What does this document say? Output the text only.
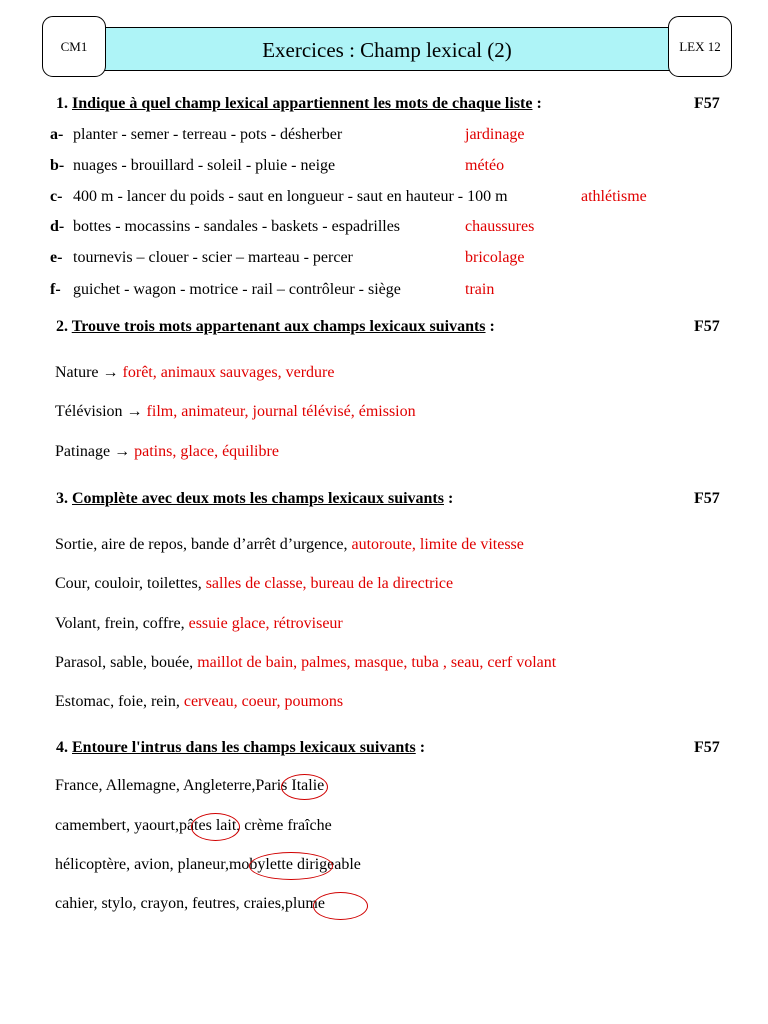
Exercices : Champ lexical (2)
CM1	LEX 12
1. Indique à quel champ lexical appartiennent les mots de chaque liste :	F57
a- planter - semer - terreau - pots - désherber	jardinage
b- nuages - brouillard - soleil - pluie - neige	météo
c- 400 m - lancer du poids - saut en longueur - saut en hauteur - 100 m	athlétisme
d- bottes - mocassins - sandales - baskets - espadrilles	chaussures
e- tournevis – clouer - scier – marteau - percer	bricolage
f- guichet - wagon - motrice - rail – contrôleur - siège	train
2. Trouve trois mots appartenant aux champs lexicaux suivants :	F57
Nature → forêt, animaux sauvages, verdure
Télévision → film, animateur, journal télévisé, émission
Patinage → patins, glace, équilibre
3. Complète avec deux mots les champs lexicaux suivants :	F57
Sortie, aire de repos, bande d’arrêt d’urgence, autoroute, limite de vitesse
Cour, couloir, toilettes, salles de classe, bureau de la directrice
Volant, frein, coffre, essuie glace, rétroviseur
Parasol, sable, bouée, maillot de bain, palmes, masque, tuba , seau, cerf volant
Estomac, foie, rein, cerveau, coeur, poumons
4. Entoure l'intrus dans les champs lexicaux suivants :	F57
France, Allemagne, Angleterre,Paris Italie
camembert, yaourt,pâtes lait, crème fraîche
hélicoptère, avion, planeur,mobylette dirigeable
cahier, stylo, crayon, feutres, craies,plume
